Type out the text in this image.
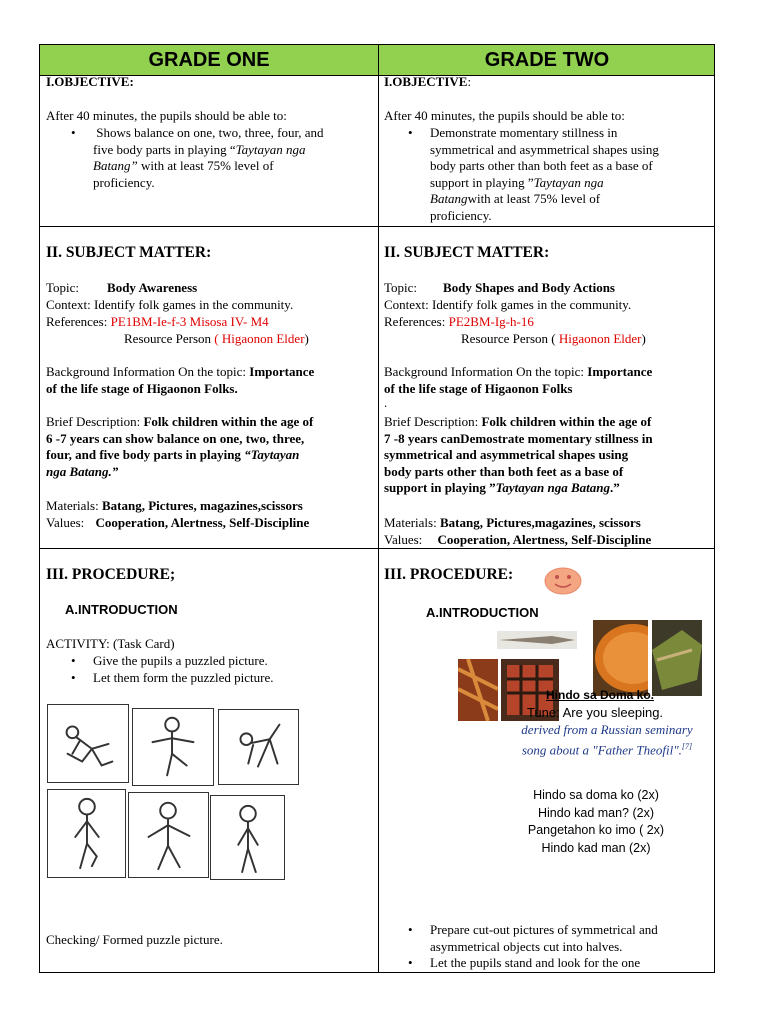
GRADE ONE	GRADE TWO
I.OBJECTIVE:
After 40 minutes, the pupils should be able to:
• Shows balance on one, two, three, four, and
five body parts in playing “Taytayan nga
Batang” with at least 75% level of
proficiency.
II. SUBJECT MATTER:
Topic: Body Awareness
Context: Identify folk games in the community.
References: PE1BM-Ie-f-3 Misosa IV- M4
Resource Person ( Higaonon Elder)
Background Information On the topic: Importance
of the life stage of Higaonon Folks.
Brief Description: Folk children within the age of
6 -7 years can show balance on one, two, three,
four, and five body parts in playing “Taytayan
nga Batang.”
Materials: Batang, Pictures, magazines,scissors
Values: Cooperation, Alertness, Self-Discipline
III. PROCEDURE;
A.INTRODUCTION
ACTIVITY: (Task Card)
• Give the pupils a puzzled picture.
• Let them form the puzzled picture.
Checking/ Formed puzzle picture.
I.OBJECTIVE:
After 40 minutes, the pupils should be able to:
• Demonstrate momentary stillness in
symmetrical and asymmetrical shapes using
body parts other than both feet as a base of
support in playing ”Taytayan nga
Batangwith at least 75% level of
proficiency.
II. SUBJECT MATTER:
Topic: Body Shapes and Body Actions
Context: Identify folk games in the community.
References: PE2BM-Ig-h-16
Resource Person ( Higaonon Elder)
Background Information On the topic: Importance
of the life stage of Higaonon Folks
.
Brief Description: Folk children within the age of
7 -8 years canDemostrate momentary stillness in
symmetrical and asymmetrical shapes using
body parts other than both feet as a base of
support in playing ”Taytayan nga Batang.”
Materials: Batang, Pictures,magazines, scissors
Values: Cooperation, Alertness, Self-Discipline
III. PROCEDURE:
A.INTRODUCTION
Hindo sa Doma ko.
Tune: Are you sleeping.
derived from a Russian seminary
song about a "Father Theofil".[7]
Hindo sa doma ko (2x)
Hindo kad man? (2x)
Pangetahon ko imo ( 2x)
Hindo kad man (2x)
• Prepare cut-out pictures of symmetrical and
asymmetrical objects cut into halves.
• Let the pupils stand and look for the one
